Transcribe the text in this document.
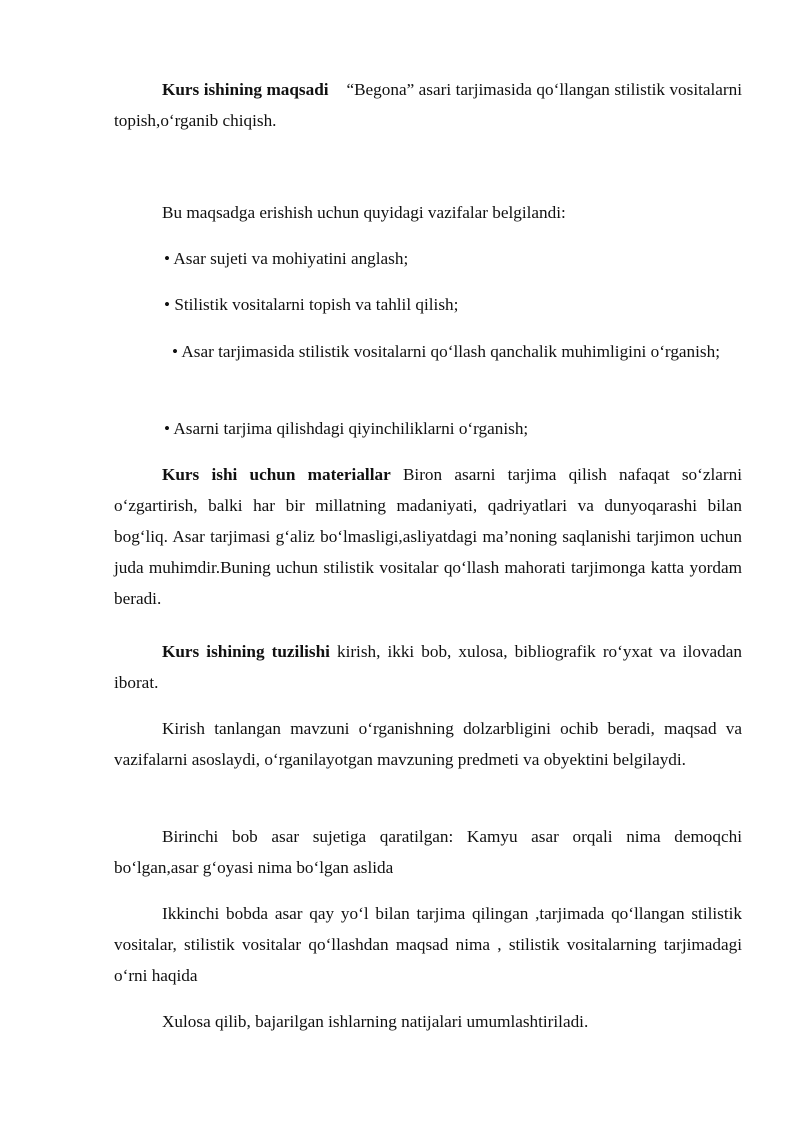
Kurs ishining maqsadi “Begona” asari tarjimasida qo‘llangan stilistik vositalarni topish,o‘rganib chiqish.

Bu maqsadga erishish uchun quyidagi vazifalar belgilandi:

• Asar sujeti va mohiyatini anglash;

• Stilistik vositalarni topish va tahlil qilish;

• Asar tarjimasida stilistik vositalarni qo‘llash qanchalik muhimligini o‘rganish;

• Asarni tarjima qilishdagi qiyinchiliklarni o‘rganish;

Kurs ishi uchun materiallar Biron asarni tarjima qilish nafaqat so‘zlarni o‘zgartirish, balki har bir millatning madaniyati, qadriyatlari va dunyoqarashi bilan bog‘liq. Asar tarjimasi g‘aliz bo‘lmasligi,asliyatdagi ma’noning saqlanishi tarjimon uchun juda muhimdir.Buning uchun stilistik vositalar qo‘llash mahorati tarjimonga katta yordam beradi.

Kurs ishining tuzilishi kirish, ikki bob, xulosa, bibliografik ro‘yxat va ilovadan iborat.

Kirish tanlangan mavzuni o‘rganishning dolzarbligini ochib beradi, maqsad va vazifalarni asoslaydi, o‘rganilayotgan mavzuning predmeti va obyektini belgilaydi.

Birinchi bob asar sujetiga qaratilgan: Kamyu asar orqali nima demoqchi bo‘lgan,asar g‘oyasi nima bo‘lgan aslida

Ikkinchi bobda asar qay yo‘l bilan tarjima qilingan ,tarjimada qo‘llangan stilistik vositalar, stilistik vositalar qo‘llashdan maqsad nima , stilistik vositalarning tarjimadagi o‘rni haqida

Xulosa qilib, bajarilgan ishlarning natijalari umumlashtiriladi.
